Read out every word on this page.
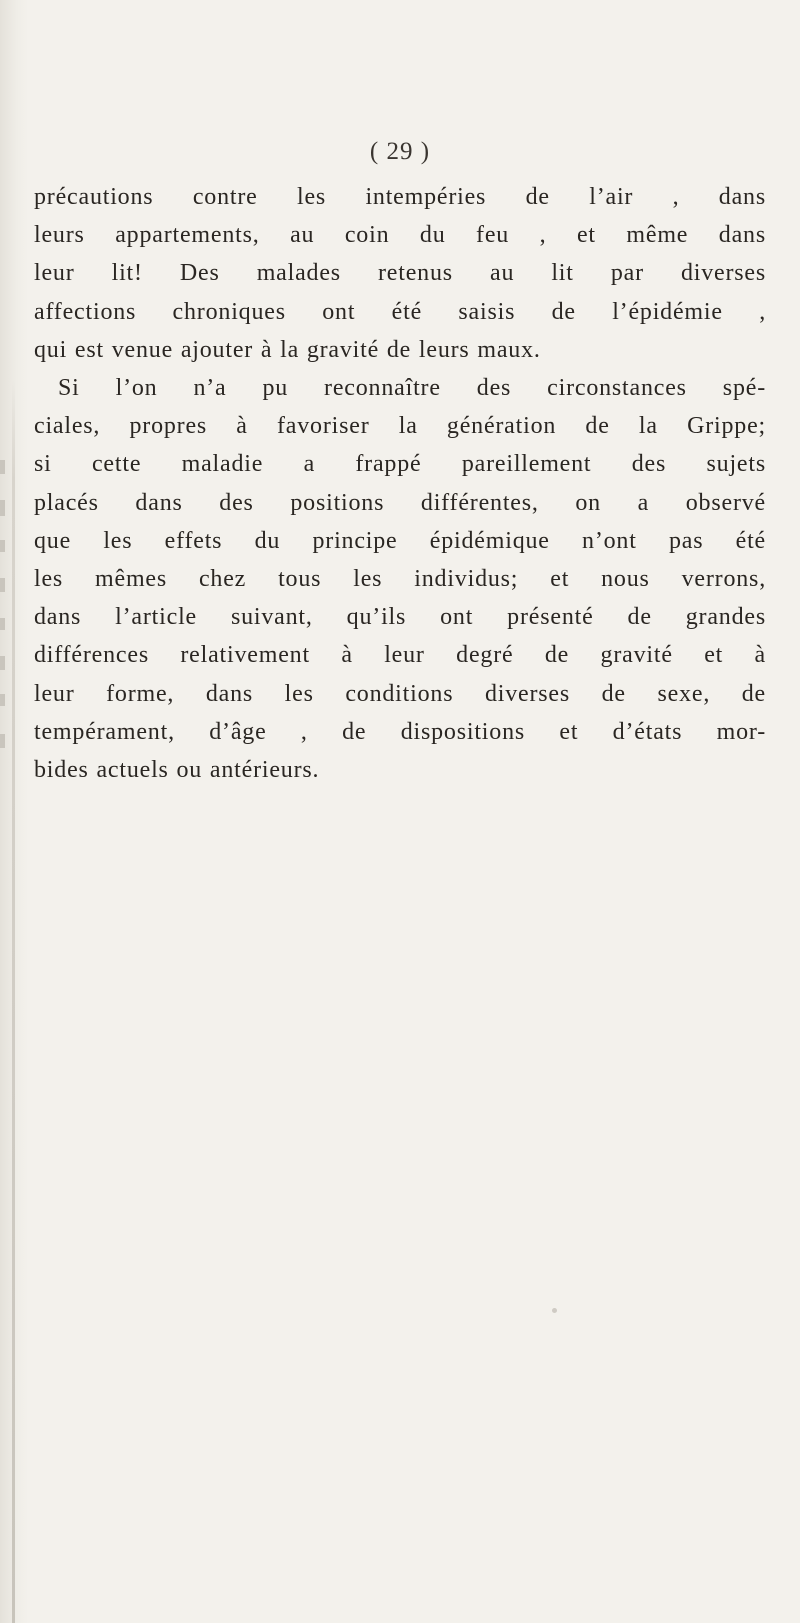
( 29 )
précautions contre les intempéries de l’air , dans
leurs appartements, au coin du feu , et même dans
leur lit! Des malades retenus au lit par diverses
affections chroniques ont été saisis de l’épidémie ,
qui est venue ajouter à la gravité de leurs maux.
Si l’on n’a pu reconnaître des circonstances spé-
ciales, propres à favoriser la génération de la Grippe;
si cette maladie a frappé pareillement des sujets
placés dans des positions différentes, on a observé
que les effets du principe épidémique n’ont pas été
les mêmes chez tous les individus; et nous verrons,
dans l’article suivant, qu’ils ont présenté de grandes
différences relativement à leur degré de gravité et à
leur forme, dans les conditions diverses de sexe, de
tempérament, d’âge , de dispositions et d’états mor-
bides actuels ou antérieurs.
